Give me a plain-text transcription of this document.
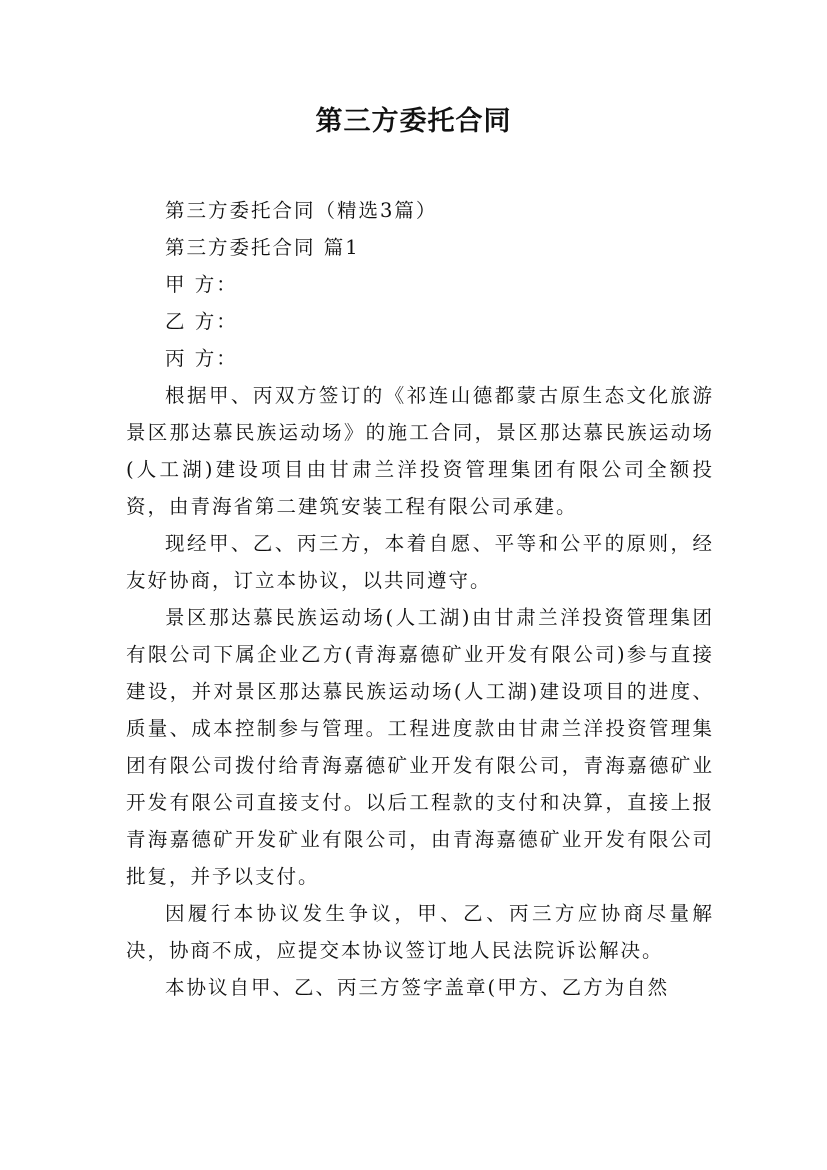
第三方委托合同

第三方委托合同（精选3篇）

第三方委托合同 篇1

甲 方：

乙 方：

丙 方：

根据甲、丙双方签订的《祁连山德都蒙古原生态文化旅游景区那达慕民族运动场》的施工合同，景区那达慕民族运动场(人工湖)建设项目由甘肃兰洋投资管理集团有限公司全额投资，由青海省第二建筑安装工程有限公司承建。

现经甲、乙、丙三方，本着自愿、平等和公平的原则，经友好协商，订立本协议，以共同遵守。

景区那达慕民族运动场(人工湖)由甘肃兰洋投资管理集团有限公司下属企业乙方(青海嘉德矿业开发有限公司)参与直接建设，并对景区那达慕民族运动场(人工湖)建设项目的进度、质量、成本控制参与管理。工程进度款由甘肃兰洋投资管理集团有限公司拨付给青海嘉德矿业开发有限公司，青海嘉德矿业开发有限公司直接支付。以后工程款的支付和决算，直接上报青海嘉德矿开发矿业有限公司，由青海嘉德矿业开发有限公司批复，并予以支付。

因履行本协议发生争议，甲、乙、丙三方应协商尽量解决，协商不成，应提交本协议签订地人民法院诉讼解决。

本协议自甲、乙、丙三方签字盖章(甲方、乙方为自然
